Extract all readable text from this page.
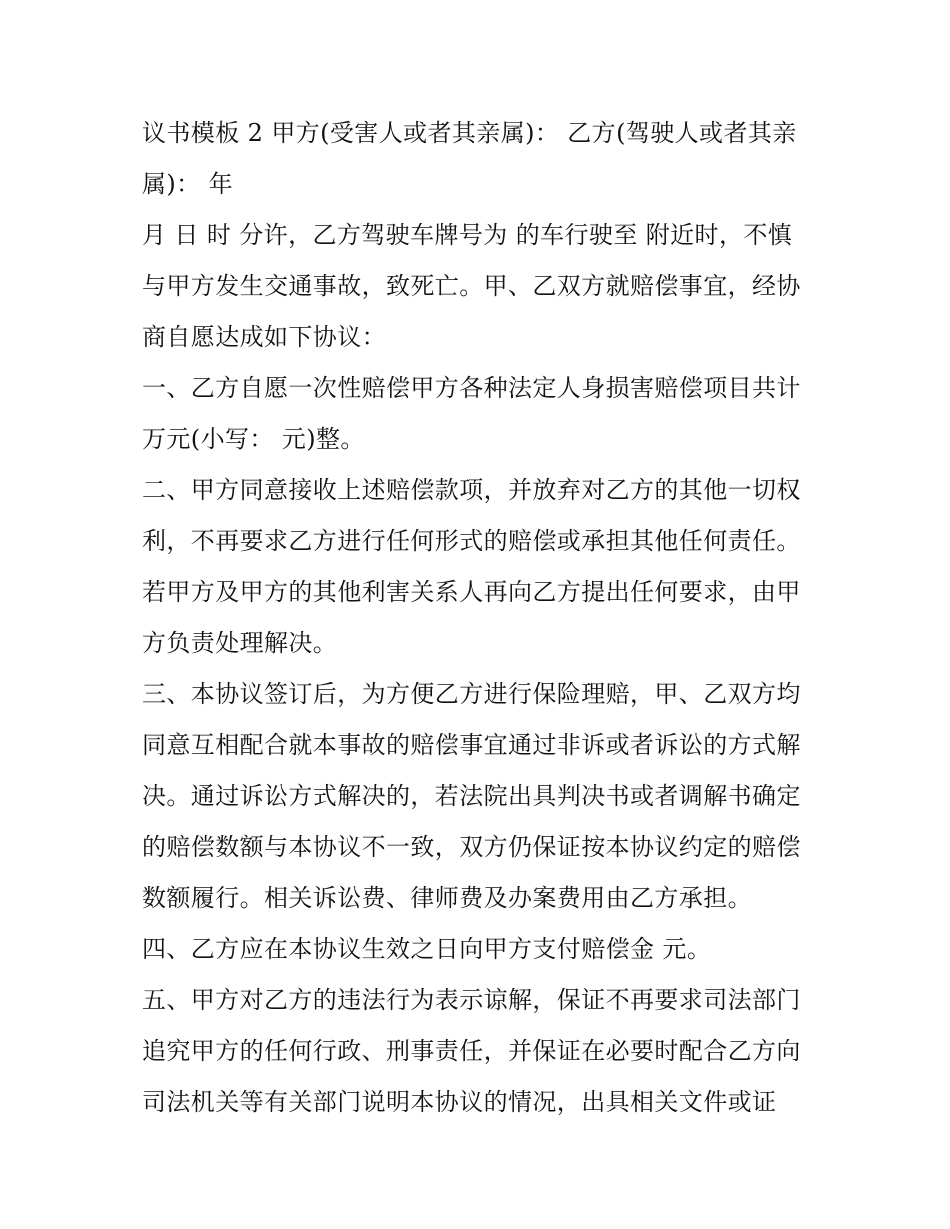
议书模板 2 甲方(受害人或者其亲属)： 乙方(驾驶人或者其亲
属)： 年
月 日 时 分许，乙方驾驶车牌号为 的车行驶至 附近时，不慎
与甲方发生交通事故，致死亡。甲、乙双方就赔偿事宜，经协
商自愿达成如下协议：
一、乙方自愿一次性赔偿甲方各种法定人身损害赔偿项目共计
万元(小写： 元)整。
二、甲方同意接收上述赔偿款项，并放弃对乙方的其他一切权
利，不再要求乙方进行任何形式的赔偿或承担其他任何责任。
若甲方及甲方的其他利害关系人再向乙方提出任何要求，由甲
方负责处理解决。
三、本协议签订后，为方便乙方进行保险理赔，甲、乙双方均
同意互相配合就本事故的赔偿事宜通过非诉或者诉讼的方式解
决。通过诉讼方式解决的，若法院出具判决书或者调解书确定
的赔偿数额与本协议不一致，双方仍保证按本协议约定的赔偿
数额履行。相关诉讼费、律师费及办案费用由乙方承担。
四、乙方应在本协议生效之日向甲方支付赔偿金 元。
五、甲方对乙方的违法行为表示谅解，保证不再要求司法部门
追究甲方的任何行政、刑事责任，并保证在必要时配合乙方向
司法机关等有关部门说明本协议的情况，出具相关文件或证
